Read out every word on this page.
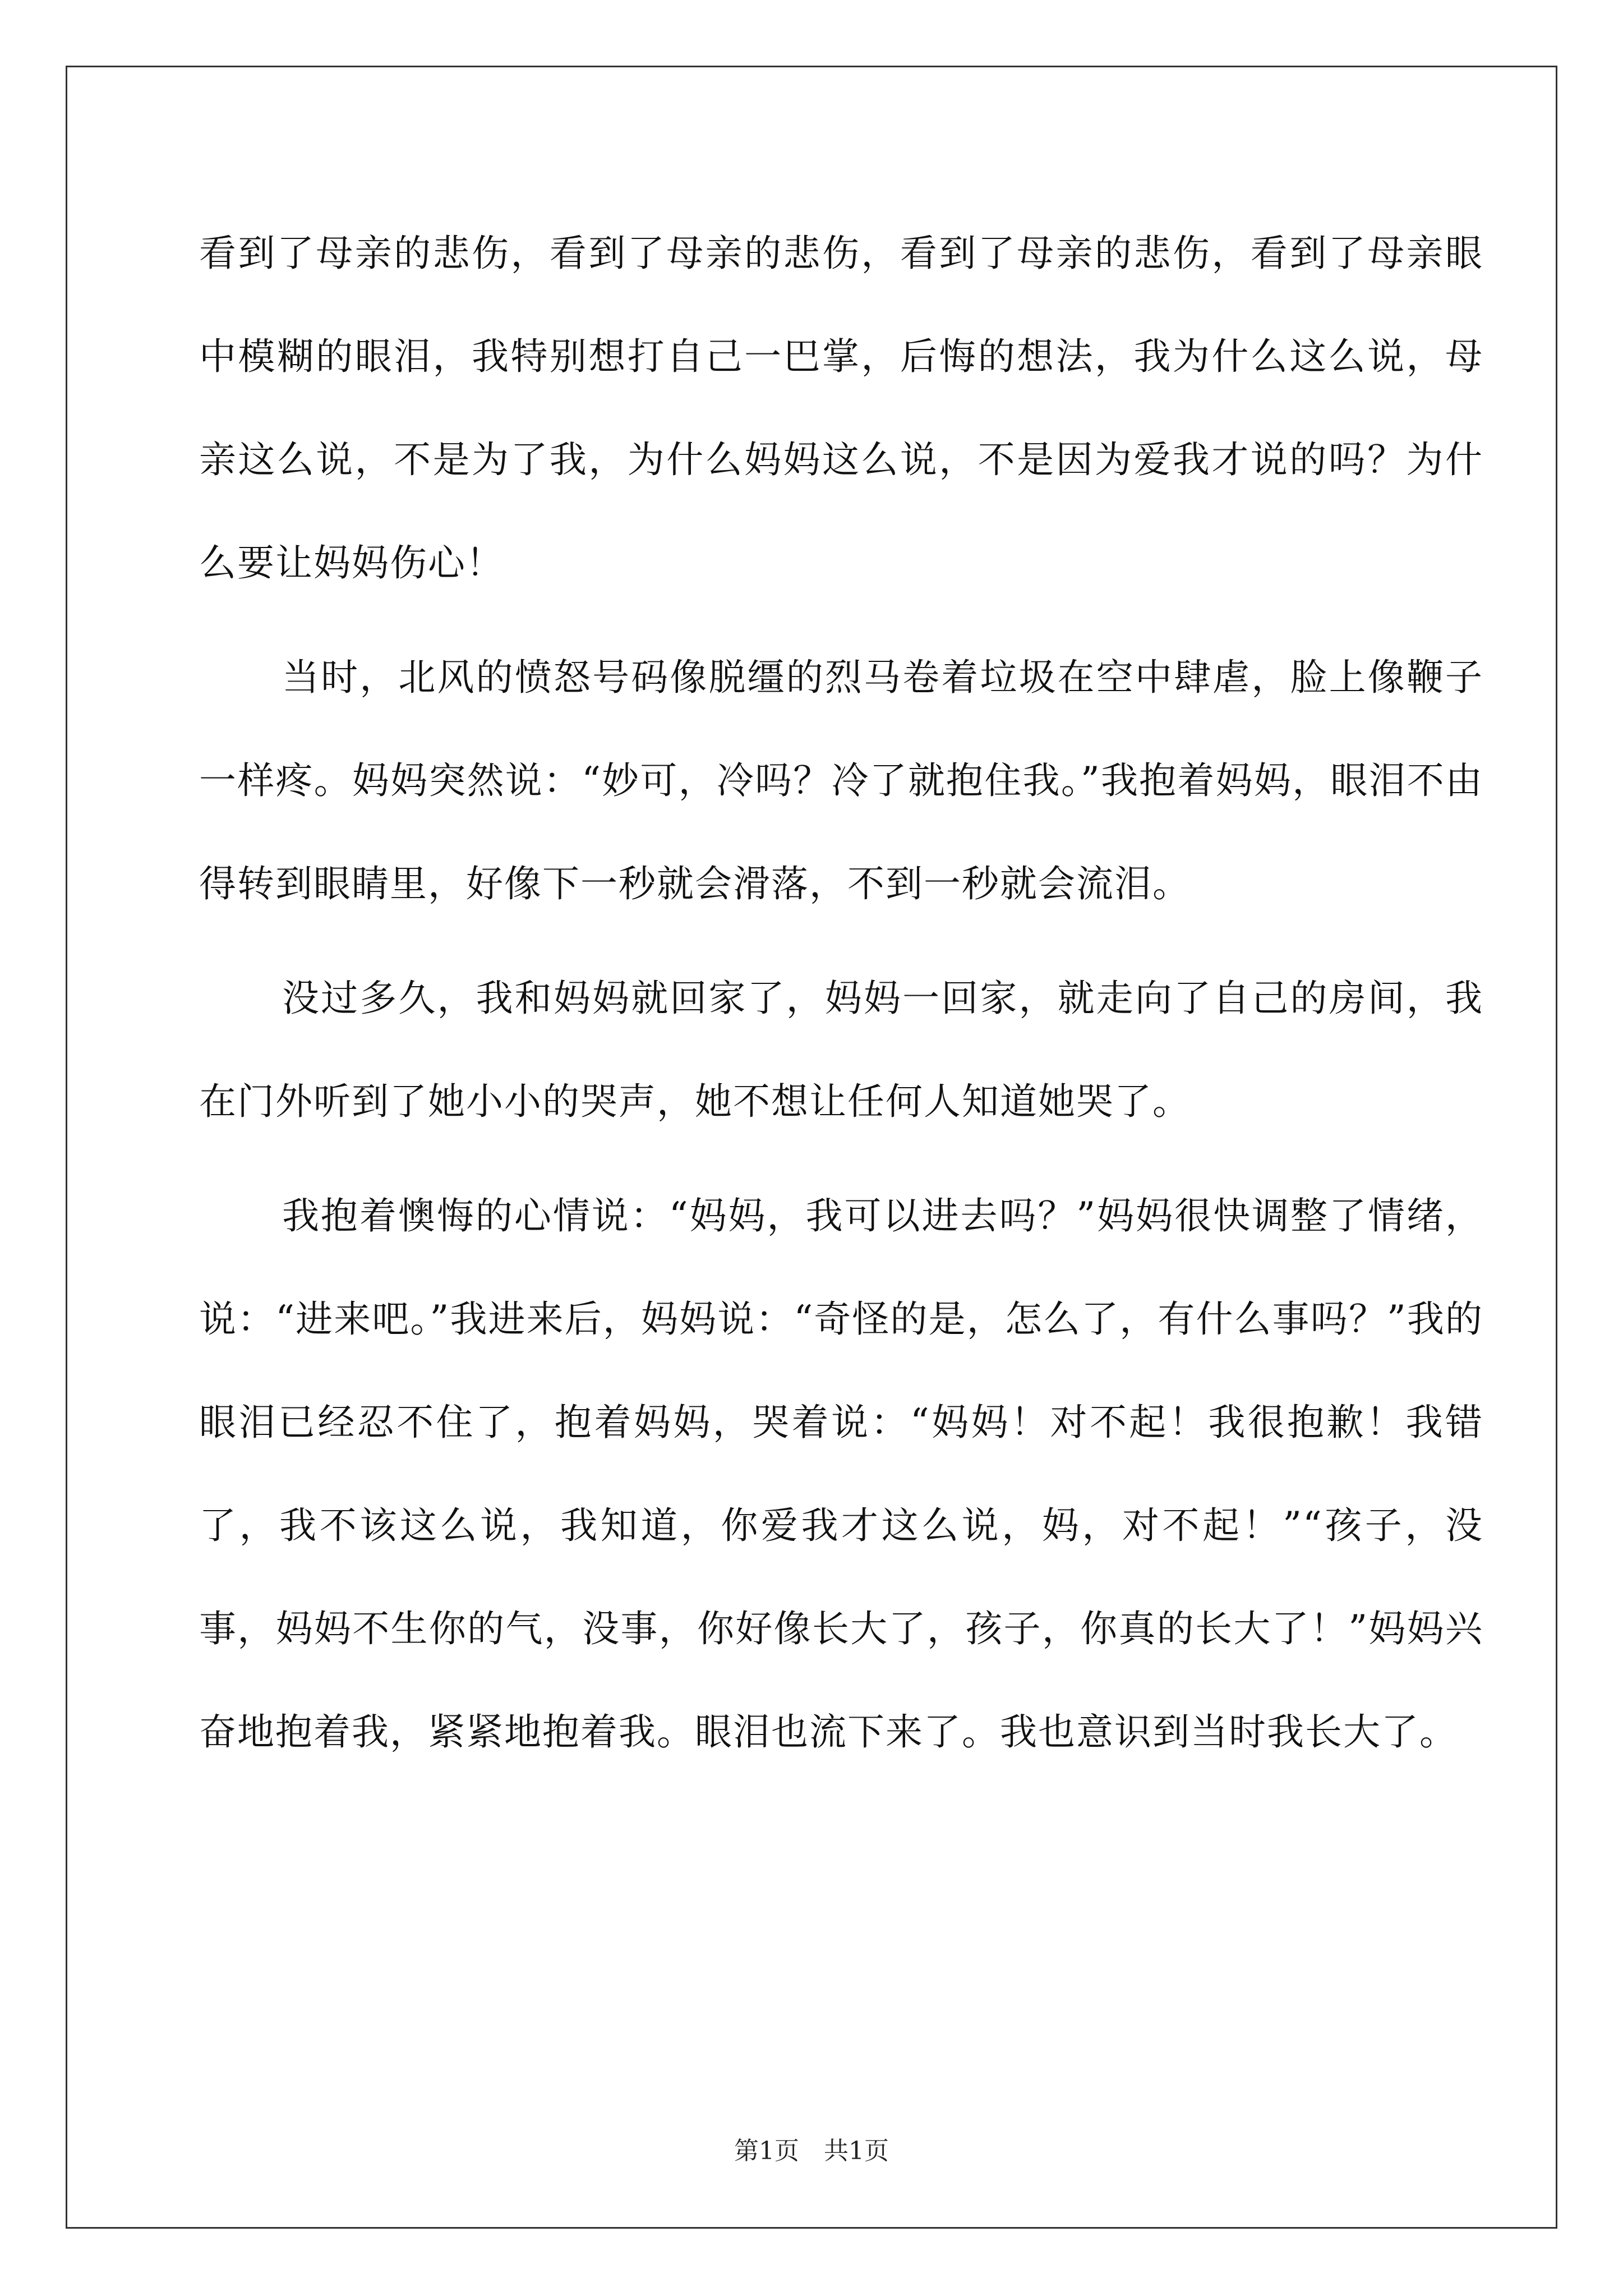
看到了母亲的悲伤，看到了母亲的悲伤，看到了母亲的悲伤，看到了母亲眼中模糊的眼泪，我特别想打自己一巴掌，后悔的想法，我为什么这么说，母亲这么说，不是为了我，为什么妈妈这么说，不是因为爱我才说的吗？为什么要让妈妈伤心！

当时，北风的愤怒号码像脱缰的烈马卷着垃圾在空中肆虐，脸上像鞭子一样疼。妈妈突然说：“妙可，冷吗？冷了就抱住我。”我抱着妈妈，眼泪不由得转到眼睛里，好像下一秒就会滑落，不到一秒就会流泪。

没过多久，我和妈妈就回家了，妈妈一回家，就走向了自己的房间，我在门外听到了她小小的哭声，她不想让任何人知道她哭了。

我抱着懊悔的心情说：“妈妈，我可以进去吗？”妈妈很快调整了情绪，说：“进来吧。”我进来后，妈妈说：“奇怪的是，怎么了，有什么事吗？”我的眼泪已经忍不住了，抱着妈妈，哭着说：“妈妈！对不起！我很抱歉！我错了，我不该这么说，我知道，你爱我才这么说，妈，对不起！”“孩子，没事，妈妈不生你的气，没事，你好像长大了，孩子，你真的长大了！”妈妈兴奋地抱着我，紧紧地抱着我。眼泪也流下来了。我也意识到当时我长大了。

第1页　共1页
